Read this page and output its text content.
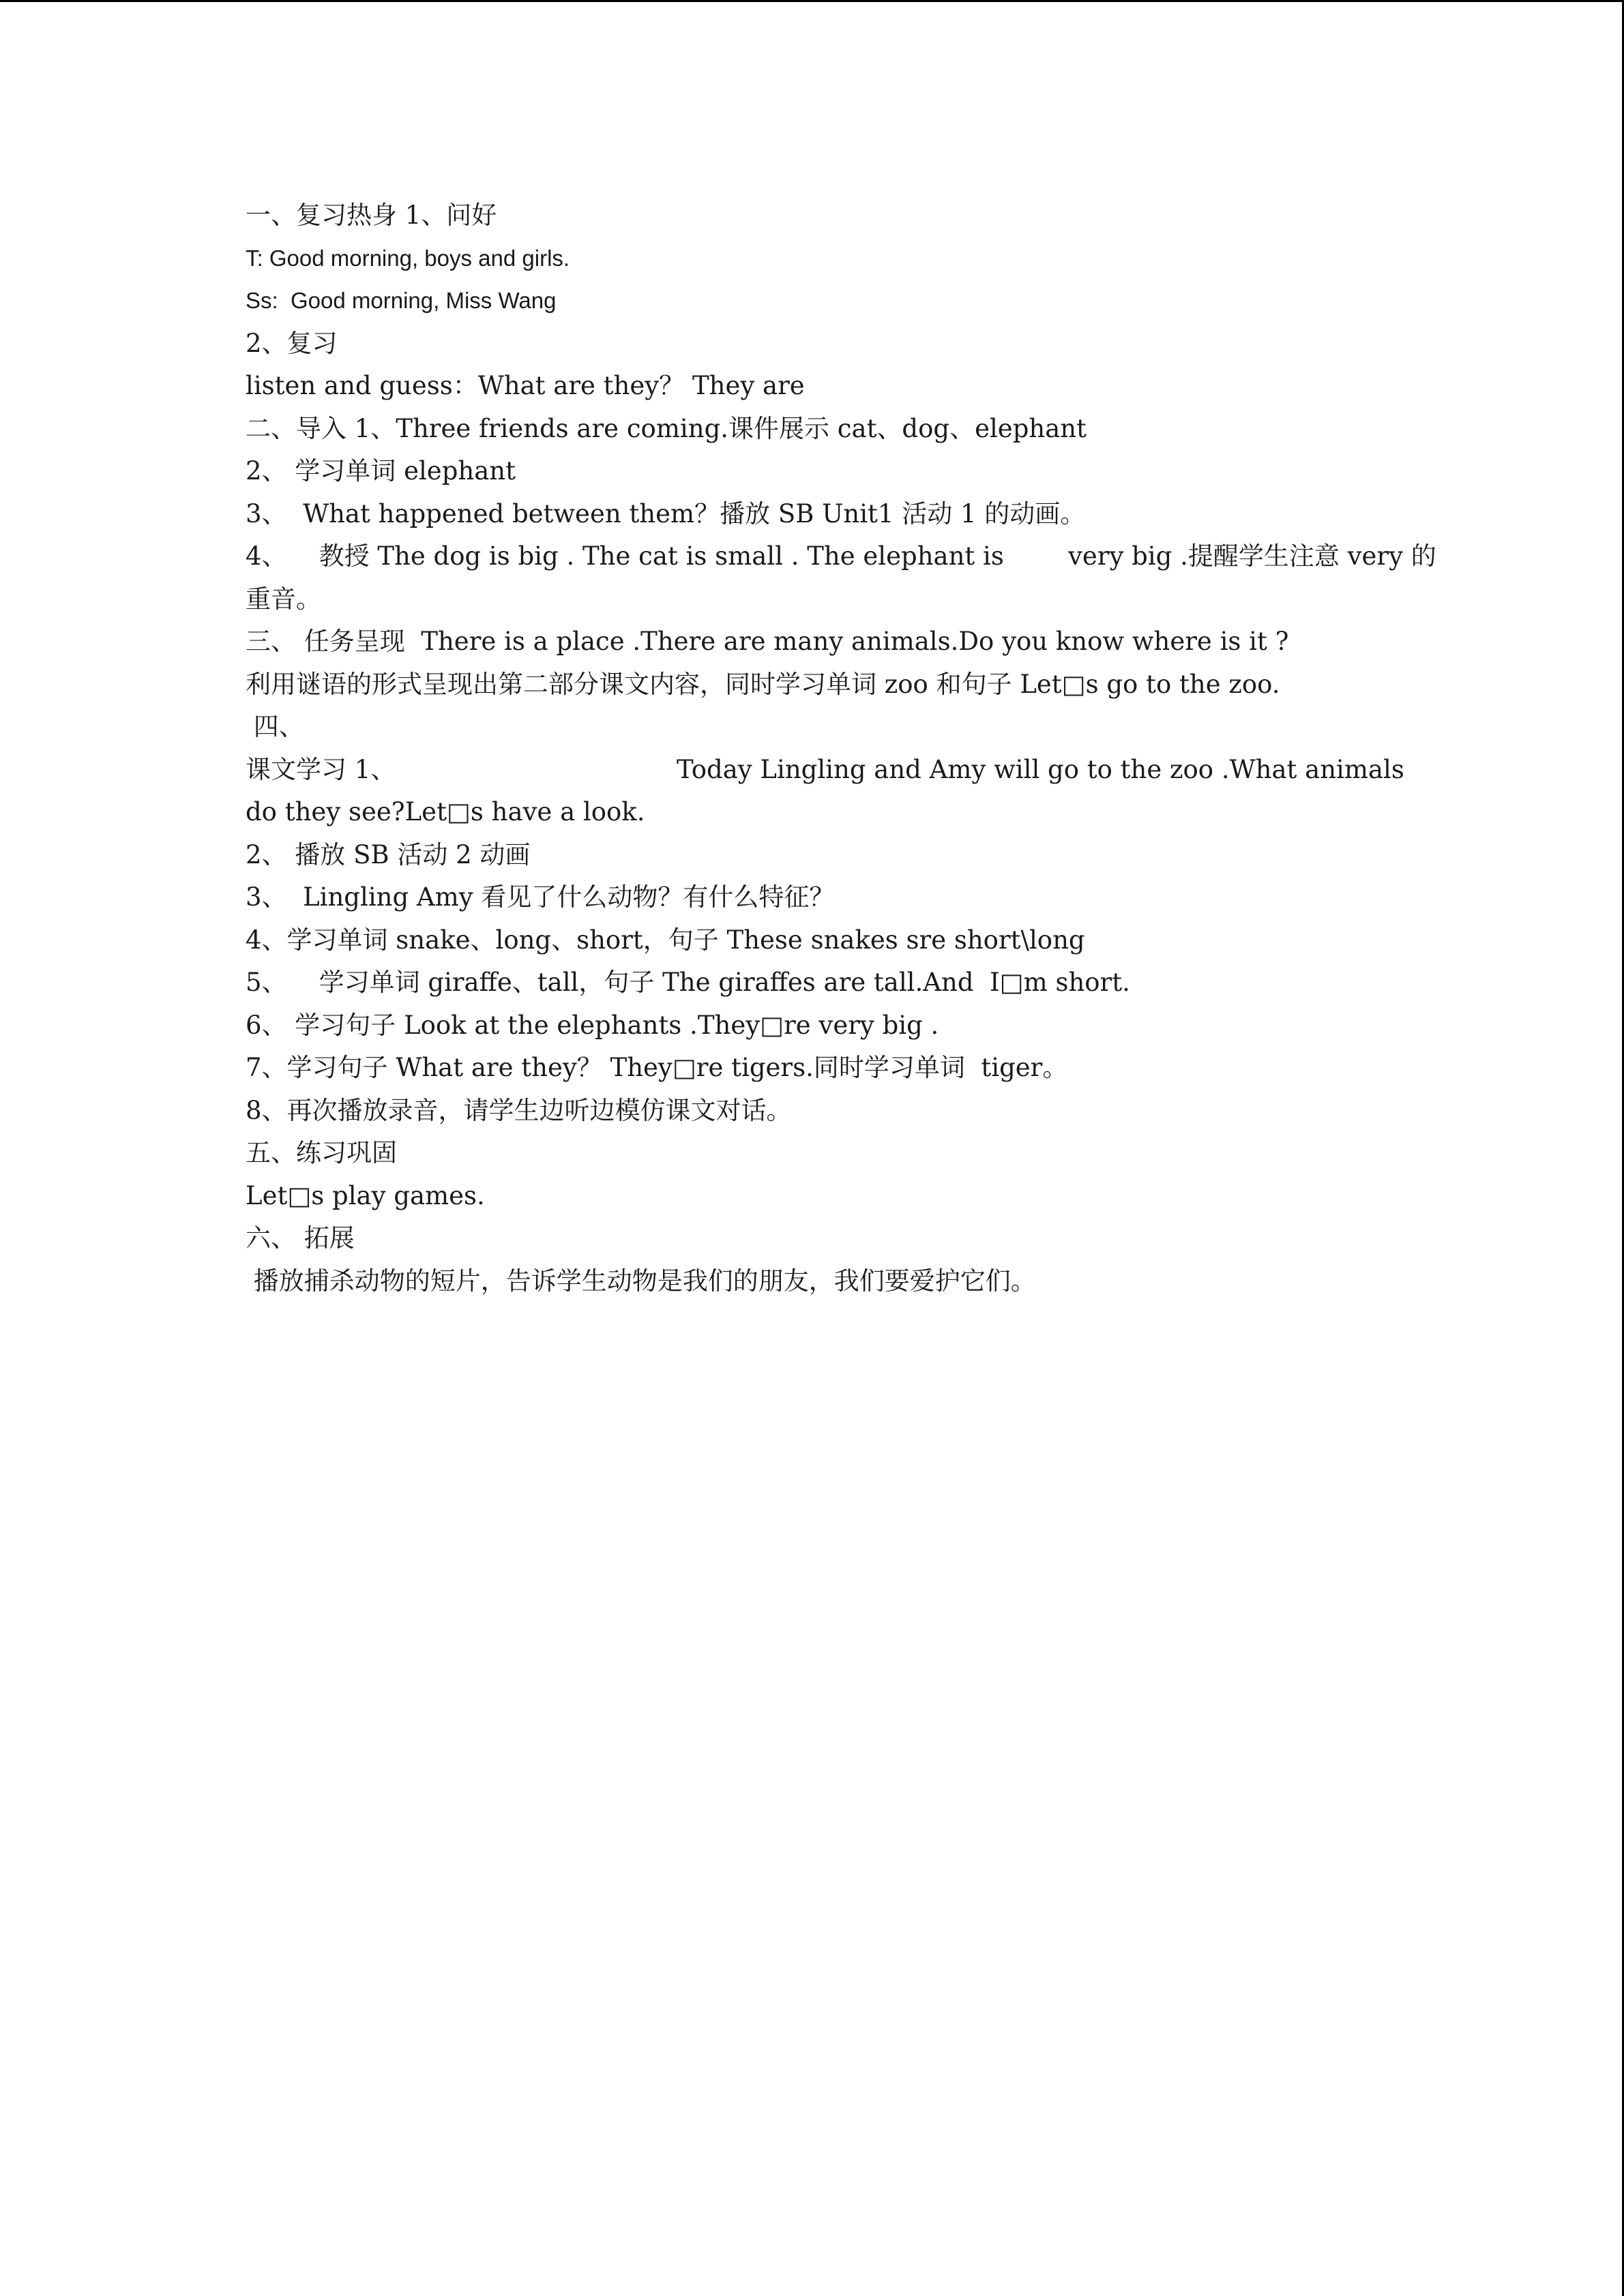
一、复习热身 1、问好
T: Good morning, boys and girls.
Ss:  Good morning, Miss Wang
2、复习
listen and guess：What are they？ They are
二、导入 1、Three friends are coming.课件展示 cat、dog、elephant
2、 学习单词 elephant
3、  What happened between them？播放 SB Unit1 活动 1 的动画。
4、    教授 The dog is big . The cat is small . The elephant is        very big .提醒学生注意 very 的
重音。
三、 任务呈现  There is a place .There are many animals.Do you know where is it ?
利用谜语的形式呈现出第二部分课文内容，同时学习单词 zoo 和句子 Let□s go to the zoo.
四、
课文学习 1、                                   Today Lingling and Amy will go to the zoo .What animals
do they see?Let□s have a look.
2、 播放 SB 活动 2 动画
3、  Lingling Amy 看见了什么动物？有什么特征？
4、学习单词 snake、long、short，句子 These snakes sre short\long
5、    学习单词 giraffe、tall，句子 The giraffes are tall.And  I□m short.
6、 学习句子 Look at the elephants .They□re very big .
7、学习句子 What are they？ They□re tigers.同时学习单词  tiger。
8、再次播放录音，请学生边听边模仿课文对话。
五、练习巩固
Let□s play games.
六、 拓展
播放捕杀动物的短片，告诉学生动物是我们的朋友，我们要爱护它们。
